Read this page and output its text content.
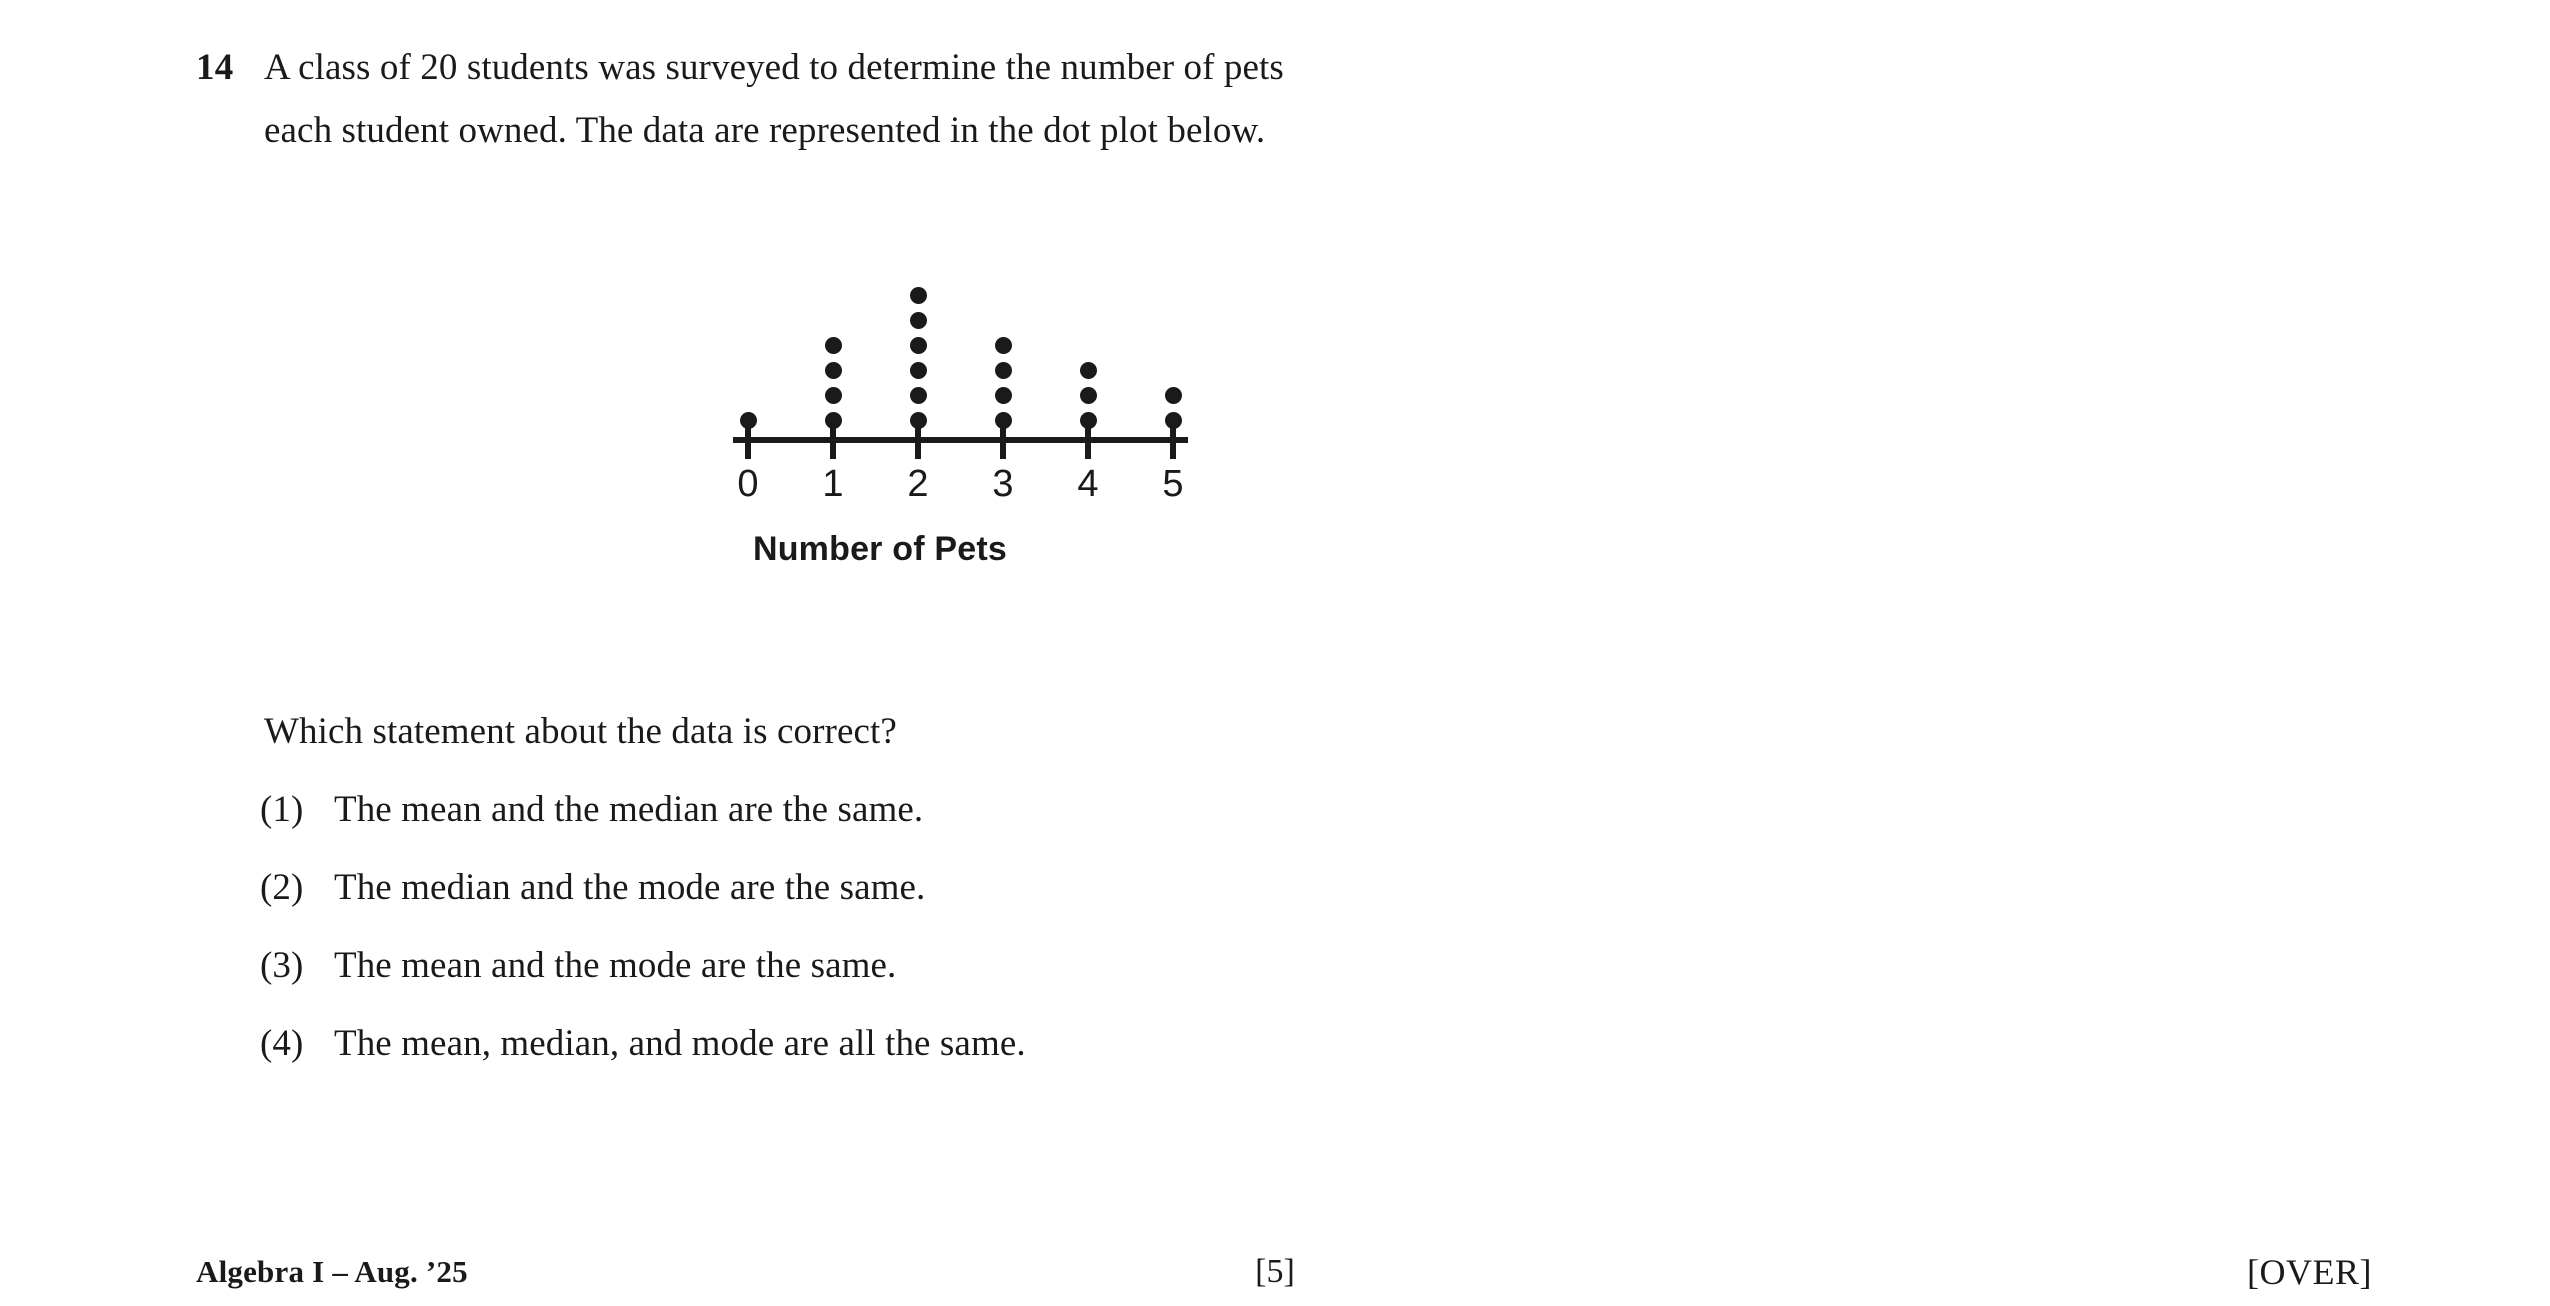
14 A class of 20 students was surveyed to determine the number of pets
each student owned. The data are represented in the dot plot below.
Number of Pets
0 1 2 3 4 5
Which statement about the data is correct?
(1) The mean and the median are the same.
(2) The median and the mode are the same.
(3) The mean and the mode are the same.
(4) The mean, median, and mode are all the same.
Algebra I – Aug. ’25	[5]	[OVER]
